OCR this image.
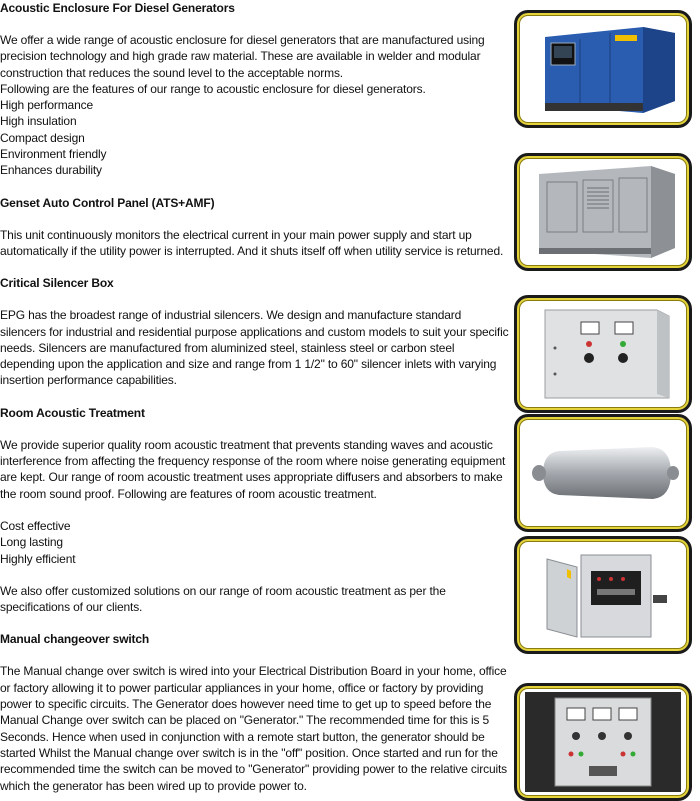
Acoustic Enclosure For Diesel Generators

We offer a wide range of acoustic enclosure for diesel generators that are manufactured using precision technology and high grade raw material. These are available in welder and modular construction that reduces the sound level to the acceptable norms.

Following are the features of our range to acoustic enclosure for diesel generators.

High performance

High insulation

Compact design

Environment friendly

Enhances durability

Genset Auto Control Panel (ATS+AMF)

This unit continuously monitors the electrical current in your main power supply and start up automatically if the utility power is interrupted. And it shuts itself off when utility service is returned.

Critical Silencer Box

EPG has the broadest range of industrial silencers. We design and manufacture standard silencers for industrial and residential purpose applications and custom models to suit your specific needs. Silencers are manufactured from aluminized steel, stainless steel or carbon steel depending upon the application and size and range from 1 1/2" to 60" silencer inlets with varying insertion performance capabilities.

Room Acoustic Treatment

We provide superior quality room acoustic treatment that prevents standing waves and acoustic interference from affecting the frequency response of the room where noise generating equipment are kept. Our range of room acoustic treatment uses appropriate diffusers and absorbers to make the room sound proof. Following are features of room acoustic treatment.

Cost effective

Long lasting

Highly efficient

We also offer customized solutions on our range of room acoustic treatment as per the specifications of our clients.

Manual changeover switch

The Manual change over switch is wired into your Electrical Distribution Board in your home, office or factory allowing it to power particular appliances in your home, office or factory by providing power to specific circuits. The Generator does however need time to get up to speed before the Manual Change over switch can be placed on "Generator." The recommended time for this is 5 Seconds. Hence when used in conjunction with a remote start button, the generator should be started Whilst the Manual change over switch is in the "off" position. Once started and run for the recommended time the switch can be moved to "Generator" providing power to the relative circuits which the generator has been wired up to provide power to.
